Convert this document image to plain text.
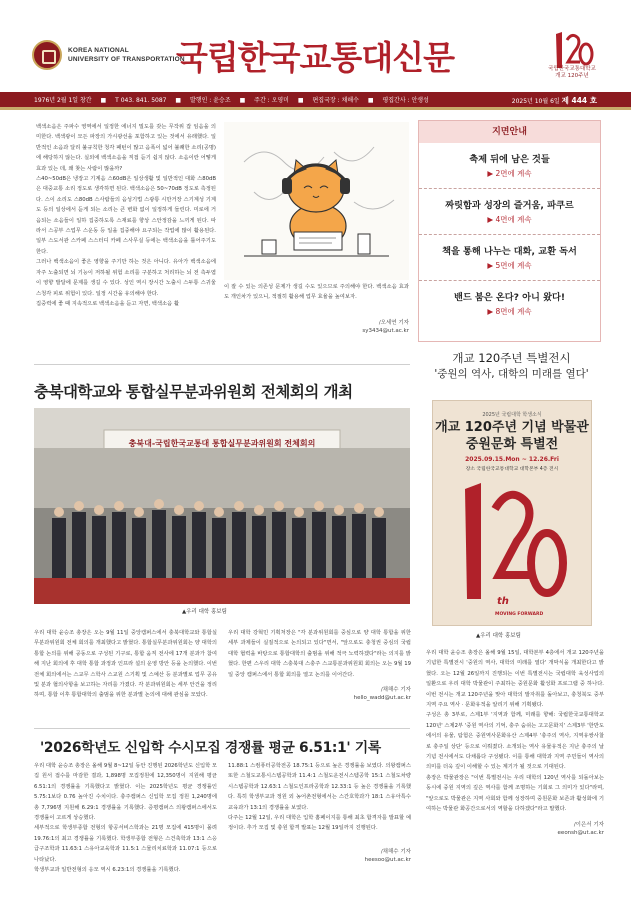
KOREA NATIONAL
UNIVERSITY OF TRANSPORTATION
국립한국교통대신문	국립한국교통대학교
개교 120주년
1976년 2월 1일 창간 ■ T 043. 841. 5087 ■ 발행인 : 윤승조 ■ 주간 : 오영미 ■ 편집국장 : 채해수 ■ 평집간사 : 안생성	2025년 10월 6일 제 444 호

백색소음은 주파수 영역에서 일정한 에너지 밀도를 갖는 무작위 잡 임음을 의미한다. 백색광이 모든 파장의 가시광선을 포함하고 있는 것에서 유래했다. 일반적인 소음과 달리 불규칙한 청각 패턴이 많고 음폭이 넓어 불쾌한 소리(공명)에 해당하지 않는다. 실외에 백색소음을 직접 듣기 쉽지 않다. 소음이란 어떻게 효과 있는 데, 왜 찾는 사람이 많을까?

스40~50dB은 냉장고 기계음 스60dB은 일상생활 및 일반적인 대화 스80dB은 대중교통 소리 정도로 생각하면 된다. 백색소음은 50~70dB 정도로 측정된다. 스이 소리도 스80dB 스사람들의 음성기법 스광통 시만거장 스기계성 기계도 등의 일상에서 듣게 되는 소리는 큰 변화 없이 일정하게 들린다. 미로에 거음되는 소음들이 일하 집중하도록 스재료를 향상 스안정감을 느끼게 된다. 따라서 스공부 스업무 스운동 등 일을 집중해야 요구되는 작업에 많이 활용된다. 일부 스도서관 스카페 스스터디 카페 스사무실 등에는 백색소음을 틀어주기도 한다.

그러나 백색소음이 좋은 영향을 주기만 하는 것은 아니다. 유아가 백색소음에 자주 노출되면 뇌 기능이 저하될 위험 소리를 구분하고 처리하는 뇌 전 측두엽이 영향 발달에 문제를 생길 수 있다. 성인 역시 장시간 노출시 스두통 스귀울 스청각 피로 위험이 있다. 일정 시간을 유의해야 한다.

집중력에 좋 때 지속적으로 백색소음을 듣고 자면, 백색소음 활

이 잘 수 있는 의존성 문제가 생길 수도 있으므로 주의해야 한다. 백색소음 효과도 개인차가 있으니, 적절히 활용해 업무 효율을 높여보자.

/오세연 기자
sy3434@ut.ac.kr
지면안내
축제 뒤에 남은 것들
▶ 2면에 계속
짜릿함과 성장의 즐거움, 파쿠르
▶ 4면에 계속
책을 통해 나누는 대화, 교환 독서
▶ 5면에 계속
밴드 붐은 온다? 아니 왔다!
▶ 8면에 계속
충북대학교와 통합실무분과위원회 전체회의 개최
충북대-국립한국교통대 통합실무분과위원회 전체회의
▲우리 대학 홍보팀

우리 대학 윤승조 총장은 오는 9월 11일 중앙캠퍼스에서 충북대학교와 통합실무분과위원회 전체 회의를 개최했다고 밝혔다. 통합실무분과위원회는 양 대학의 통합 논의를 위해 공동으로 구성된 기구로, 통합 움직 전사에 17개 분과가 참여해 지난 회의에 후 대학 통합 과정과 인프라 설의 운영 방안 등을 논의했다. 이번 전체 회의에서는 스교무 스학사 스교원 스기획 및 스예산 등 분과별로 업무 공유 및 분과 협의사항을 보고하는 자리를 가졌다. 각 분과위원회는 세부 안건을 정리하며, 통합 이후 통합대학의 출범을 위한 분과별 논의에 대해 관심을 모았다.

우리 대학 강혁민 기획처장은 "각 분과위원회를 중심으로 양 대학 통합을 위한 세부 과제들이 실질적으로 논의되고 있다"면서, "앞으로도 충청권 중심의 국립대학 협력을 바탕으로 통합대학의 출범을 위해 적극 노력하겠다"라는 의지를 밝혔다. 한편 스우리 대학 스충북대 스충주 스교통분과위원회 회의는 오는 9월 19일 중앙 캠퍼스에서 통합 회의를 열고 논의를 이어간다.

/채해수 기자
hello_wadd@ut.ac.kr
'2026학년도 신입학 수시모집 경쟁률 평균 6.51:1' 기록

우리 대학 윤승조 총장은 올해 9월 8~12일 동안 진행된 2026학년도 신입학 모집 원서 접수를 마감한 결과, 1,898명 모집정원에 12,350명이 지원해 평균 6.51:1의 경쟁률을 기록했다고 밝혔다. 이는 2025학년도 평균 경쟁률인 5.75:1보다 0.76 높아진 수치이다. 충주캠퍼스 신입학 모집 정원 1,240명에 총 7,796명 지원해 6.29:1 경쟁률을 기록했다. 증평캠퍼스 의왕캠퍼스에서도 경쟁률이 고르게 상승했다.

세부적으로 학생부종합 전형의 항공서비스학과는 21명 모집에 415명이 몰려 19.76:1의 최고 경쟁률을 기록했다. 학생부종합 전형은 스건축학과 13:1 스응급구조학과 11.63:1 스유아교육학과 11.5:1 스물리치료학과 11.07:1 등으로 나타났다.

학생부교과 일반전형의 응모 역시 6.23:1의 경쟁률을 기록했다.

11.88:1 스컴퓨터공학전공 18.75:1 등으로 높은 경쟁률을 보였다. 의왕캠퍼스 또한 스철도교통시스템공학과 11.4:1 스철도운전시스템공학 15:1 스철도차량시스템공학과 12.63:1 스철도인프라공학과 12.33:1 등 높은 경쟁률을 기록했다. 특히 학생부교과 정원 외 농어촌전형에서는 스간호학과가 18:1 스유아특수교육과가 13:1의 경쟁률을 보였다.

다주는 12월 12일, 우리 대학은 입학 홈페이지를 통해 최초 합격자를 발표할 예정이다. 추가 모집 및 충원 합격 발표는 12월 19일까지 진행된다.

/채해수 기자
heesoo@ut.ac.kr
개교 120주년 특별전시
'중원의 역사, 대학의 미래를 열다'
2025년 국립대학 학생소식
개교 120주년 기념 박물관 중원문화 특별전
2025.09.15.Mon ~ 12.26.Fri
장소 국립한국교통대학교 대학본부 4층 전시
th
MOVING FORWARD
▲우리 대학 홍보팀

우리 대학 윤승조 총장은 올해 9월 15일, 대학본부 4층에서 개교 120주년을 기념한 특별전시 '중원의 역사, 대학의 미래를 열다' 개막식을 개최한다고 밝혔다. 오는 12월 26일까지 진행되는 이번 특별전시는 국립대학 육성사업의 일환으로 우리 대학 박물관이 주최하는 중원문화 활성화 프로그램 중 하나다. 이번 전시는 개교 120주년을 맞아 대학의 발자취를 돌아보고, 충청북도 중부지역 주요 역사 · 문화유적을 알리기 위해 기획됐다.

구성은 총 3부로, 스제1부 '지역과 함께, 미래를 향해: 국립한국교통대학교 120년' 스제2부 '중원 역사의 기억, 충주 숨쉬는 고고문화지' 스제3부 '한반도에서의 유물, 탐험은 중원역사문화유산 스제4부 '충주의 역사, 지역유쌍사찰로 충주일 상단' 등으로 이뤄졌다. 소개되는 역사 유물유적은 지난 충주의 날 기념 전시에서도 다채롭다 구성됐다. 이를 통해 대학과 지역 주민들이 역사의 의미를 더욱 깊이 이해할 수 있는 계기가 될 것으로 기대된다.

총장은 박물관장은 "이번 특별전시는 우리 대학의 120년 역사를 되돌아보는 동시에 중원 지역의 깊은 역사를 함께 조명하는 기회로 그 의미가 있다"라며, "앞으로도 박물관은 지역 사회와 함께 성장하며 중원문화 보존과 활성화에 기여하는 박물관 화공간으로서의 역할을 다하겠다"라고 말했다.

/이은서 기자
eeonsh@ut.ac.kr
